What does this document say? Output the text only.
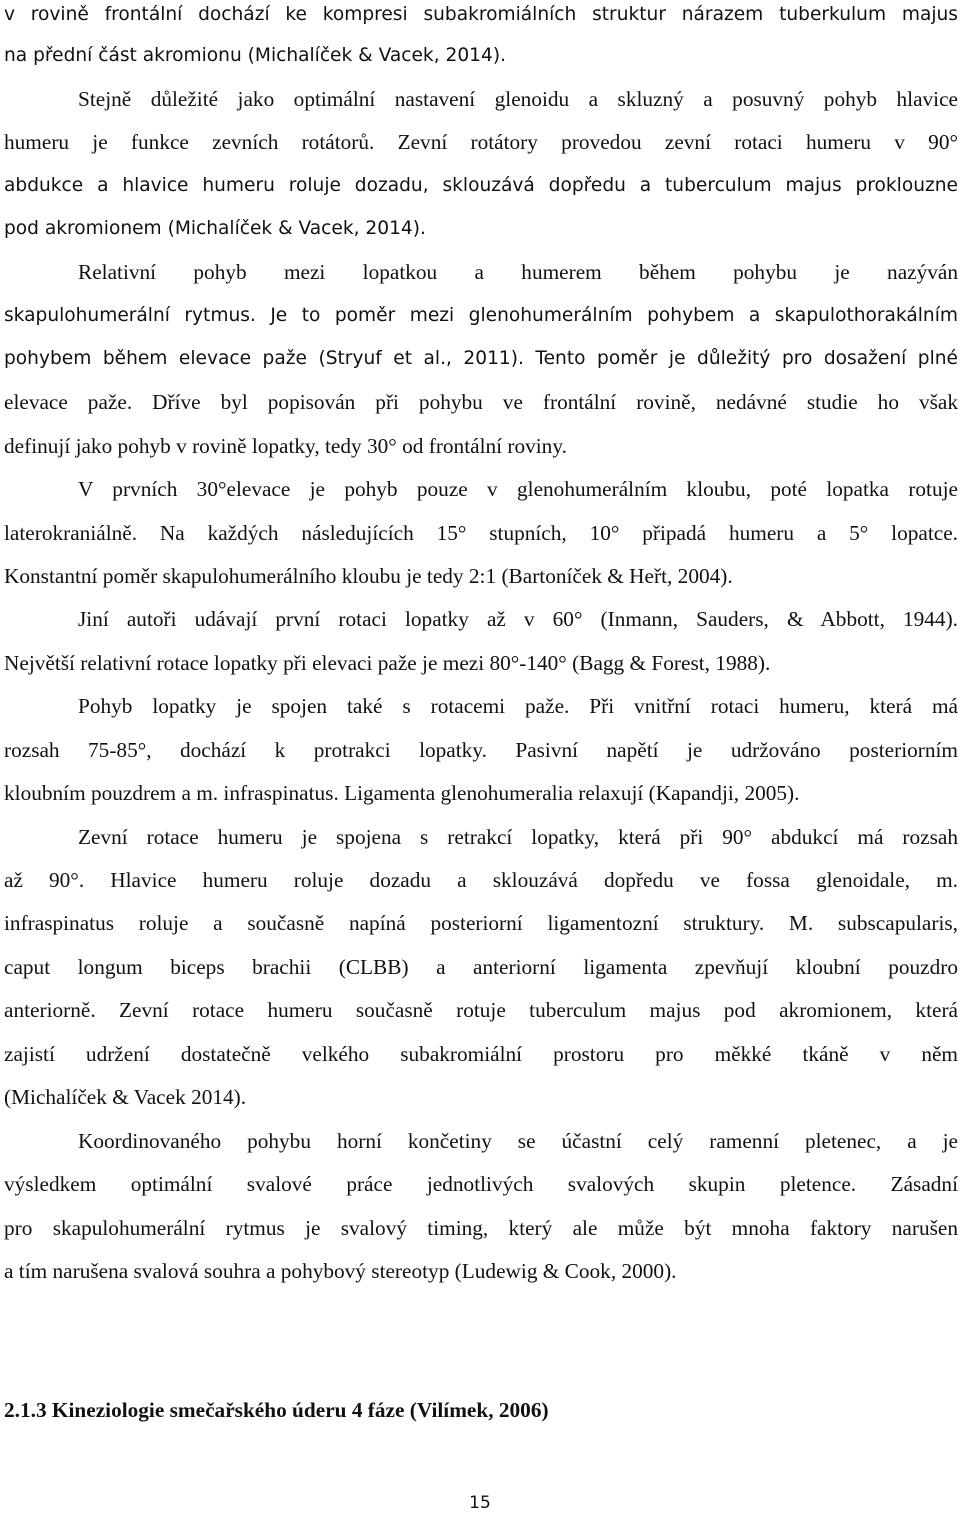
v rovině frontální dochází ke kompresi subakromiálních struktur nárazem tuberkulum majus
na přední část akromionu (Michalíček & Vacek, 2014).
Stejně důležité jako optimální nastavení glenoidu a skluzný a posuvný pohyb hlavice
humeru je funkce zevních rotátorů. Zevní rotátory provedou zevní rotaci humeru v 90°
abdukce a hlavice humeru roluje dozadu, sklouzává dopředu a tuberculum majus proklouzne
pod akromionem (Michalíček & Vacek, 2014).
Relativní pohyb mezi lopatkou a humerem během pohybu je nazýván
skapulohumerální rytmus. Je to poměr mezi glenohumerálním pohybem a skapulothorakálním
pohybem během elevace paže (Stryuf et al., 2011). Tento poměr je důležitý pro dosažení plné
elevace paže. Dříve byl popisován při pohybu ve frontální rovině, nedávné studie ho však
definují jako pohyb v rovině lopatky, tedy 30° od frontální roviny.
V prvních 30°elevace je pohyb pouze v glenohumerálním kloubu, poté lopatka rotuje
laterokraniálně. Na každých následujících 15° stupních, 10° připadá humeru a 5° lopatce.
Konstantní poměr skapulohumerálního kloubu je tedy 2:1 (Bartoníček & Heřt, 2004).
Jiní autoři udávají první rotaci lopatky až v 60° (Inmann, Sauders, & Abbott, 1944).
Největší relativní rotace lopatky při elevaci paže je mezi 80°-140° (Bagg & Forest, 1988).
Pohyb lopatky je spojen také s rotacemi paže. Při vnitřní rotaci humeru, která má
rozsah 75-85°, dochází k protrakci lopatky. Pasivní napětí je udržováno posteriorním
kloubním pouzdrem a m. infraspinatus. Ligamenta glenohumeralia relaxují (Kapandji, 2005).
Zevní rotace humeru je spojena s retrakcí lopatky, která při 90° abdukcí má rozsah
až 90°. Hlavice humeru roluje dozadu a sklouzává dopředu ve fossa glenoidale, m.
infraspinatus roluje a současně napíná posteriorní ligamentozní struktury. M. subscapularis,
caput longum biceps brachii (CLBB) a anteriorní ligamenta zpevňují kloubní pouzdro
anteriorně. Zevní rotace humeru současně rotuje tuberculum majus pod akromionem, která
zajistí udržení dostatečně velkého subakromiální prostoru pro měkké tkáně v něm
(Michalíček & Vacek 2014).
Koordinovaného pohybu horní končetiny se účastní celý ramenní pletenec, a je
výsledkem optimální svalové práce jednotlivých svalových skupin pletence. Zásadní
pro skapulohumerální rytmus je svalový timing, který ale může být mnoha faktory narušen
a tím narušena svalová souhra a pohybový stereotyp (Ludewig & Cook, 2000).
2.1.3 Kineziologie smečařského úderu 4 fáze (Vilímek, 2006)
15
